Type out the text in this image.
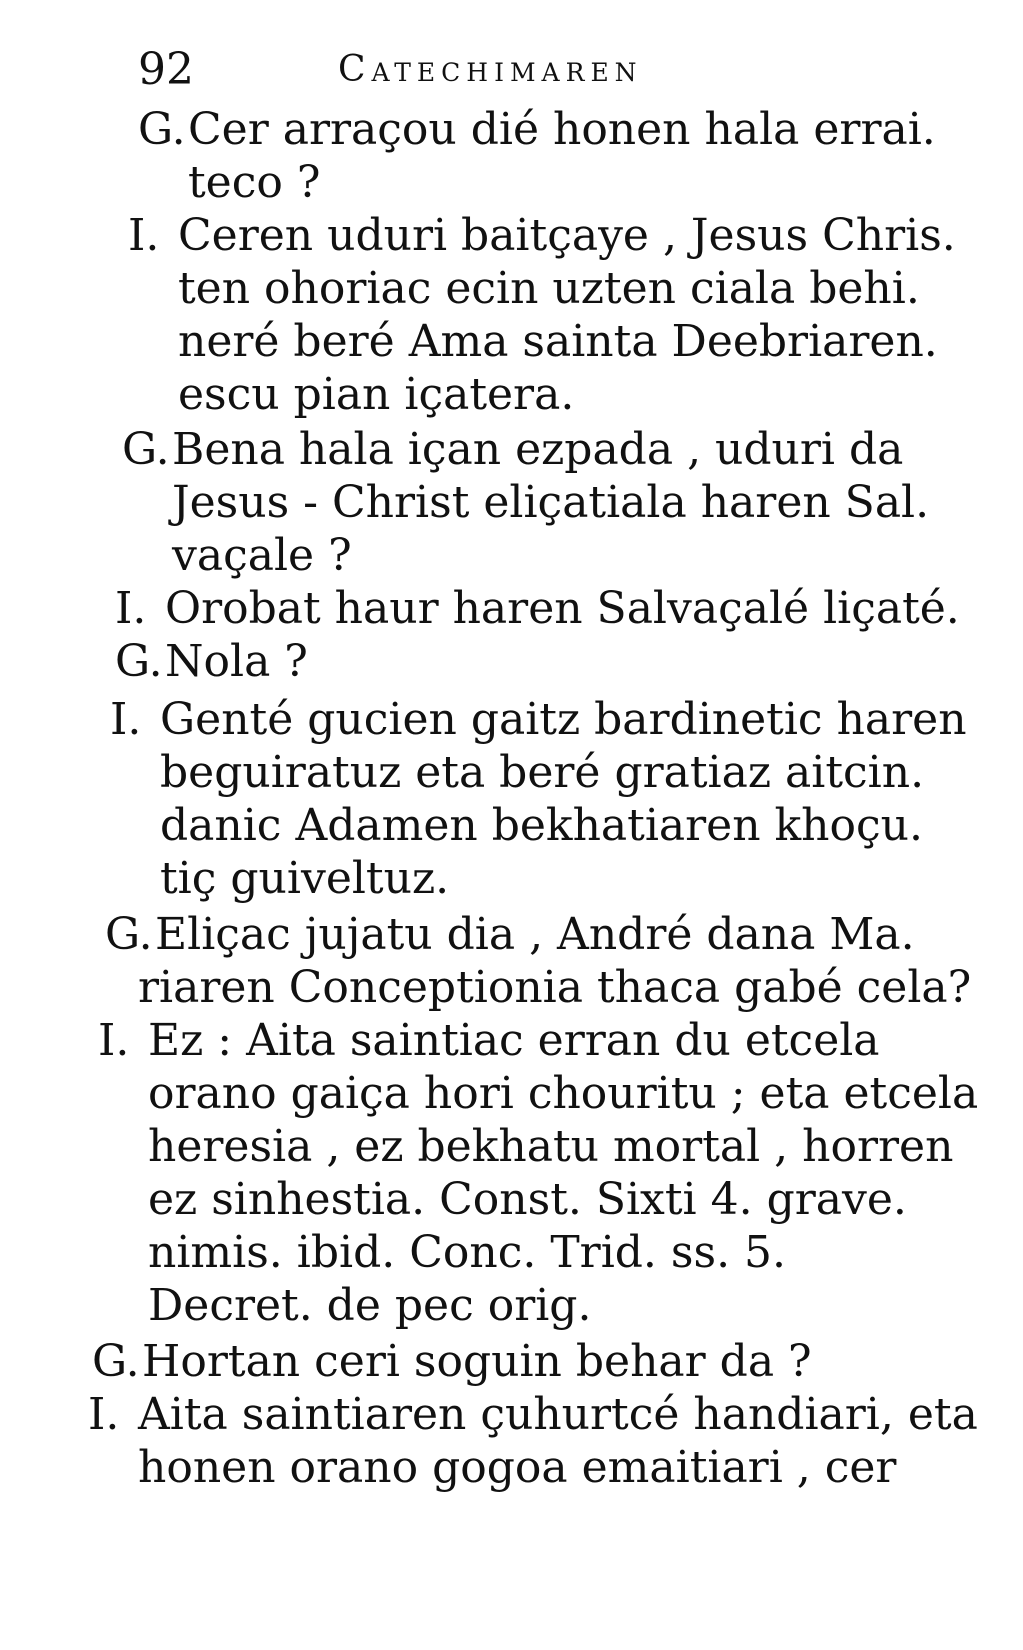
92	Catechimaren
G.Cer arraçou dié honen hala errai.
teco ?
I. Ceren uduri baitçaye , Jesus Chris.
ten ohoriac ecin uzten ciala behi.
neré beré Ama sainta Deebriaren.
escu pian içatera.
G.Bena hala içan ezpada , uduri da
Jesus - Christ eliçatiala haren Sal.
vaçale ?
I. Orobat haur haren Salvaçalé liçaté.
G.Nola ?
I. Genté gucien gaitz bardinetic haren
beguiratuz eta beré gratiaz aitcin.
danic Adamen bekhatiaren khoçu.
tiç guiveltuz.
G.Eliçac jujatu dia , André dana Ma.
riaren Conceptionia thaca gabé cela?
I. Ez : Aita saintiac erran du etcela
orano gaiça hori chouritu ; eta etcela
heresia , ez bekhatu mortal , horren
ez sinhestia. Const. Sixti 4. grave.
nimis. ibid. Conc. Trid. ss. 5.
Decret. de pec orig.
G.Hortan ceri soguin behar da ?
I. Aita saintiaren çuhurtcé handiari, eta
honen orano gogoa emaitiari , cer
